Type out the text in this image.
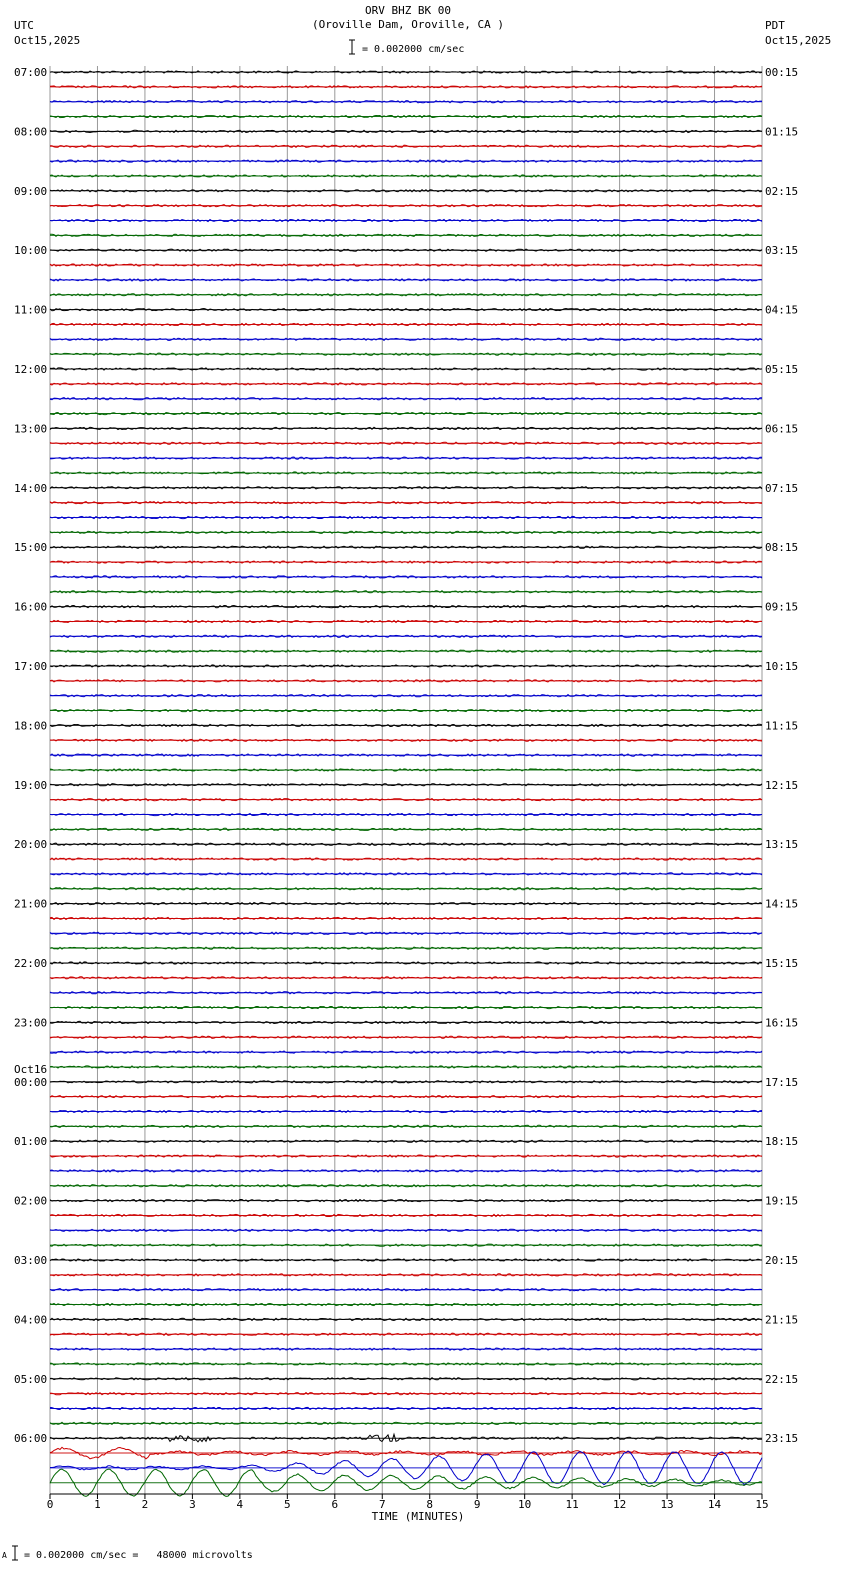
ORV BHZ BK 00
(Oroville Dam, Oroville, CA )
UTC
Oct15,2025
PDT
Oct15,2025
= 0.002000 cm/sec
A = 0.002000 cm/sec =   48000 microvolts
0	1	2	3	4	5	6	7	8	9	10	11	12	13	14	15
07:00
08:00
09:00
10:00
11:00
12:00
13:00
14:00
15:00
16:00
17:00
18:00
19:00
20:00
21:00
22:00
23:00
00:00
01:00
02:00
03:00
04:00
05:00
06:00
00:15
01:15
02:15
03:15
04:15
05:15
06:15
07:15
08:15
09:15
10:15
11:15
12:15
13:15
14:15
15:15
16:15
17:15
18:15
19:15
20:15
21:15
22:15
23:15
TIME (MINUTES)
Oct16
